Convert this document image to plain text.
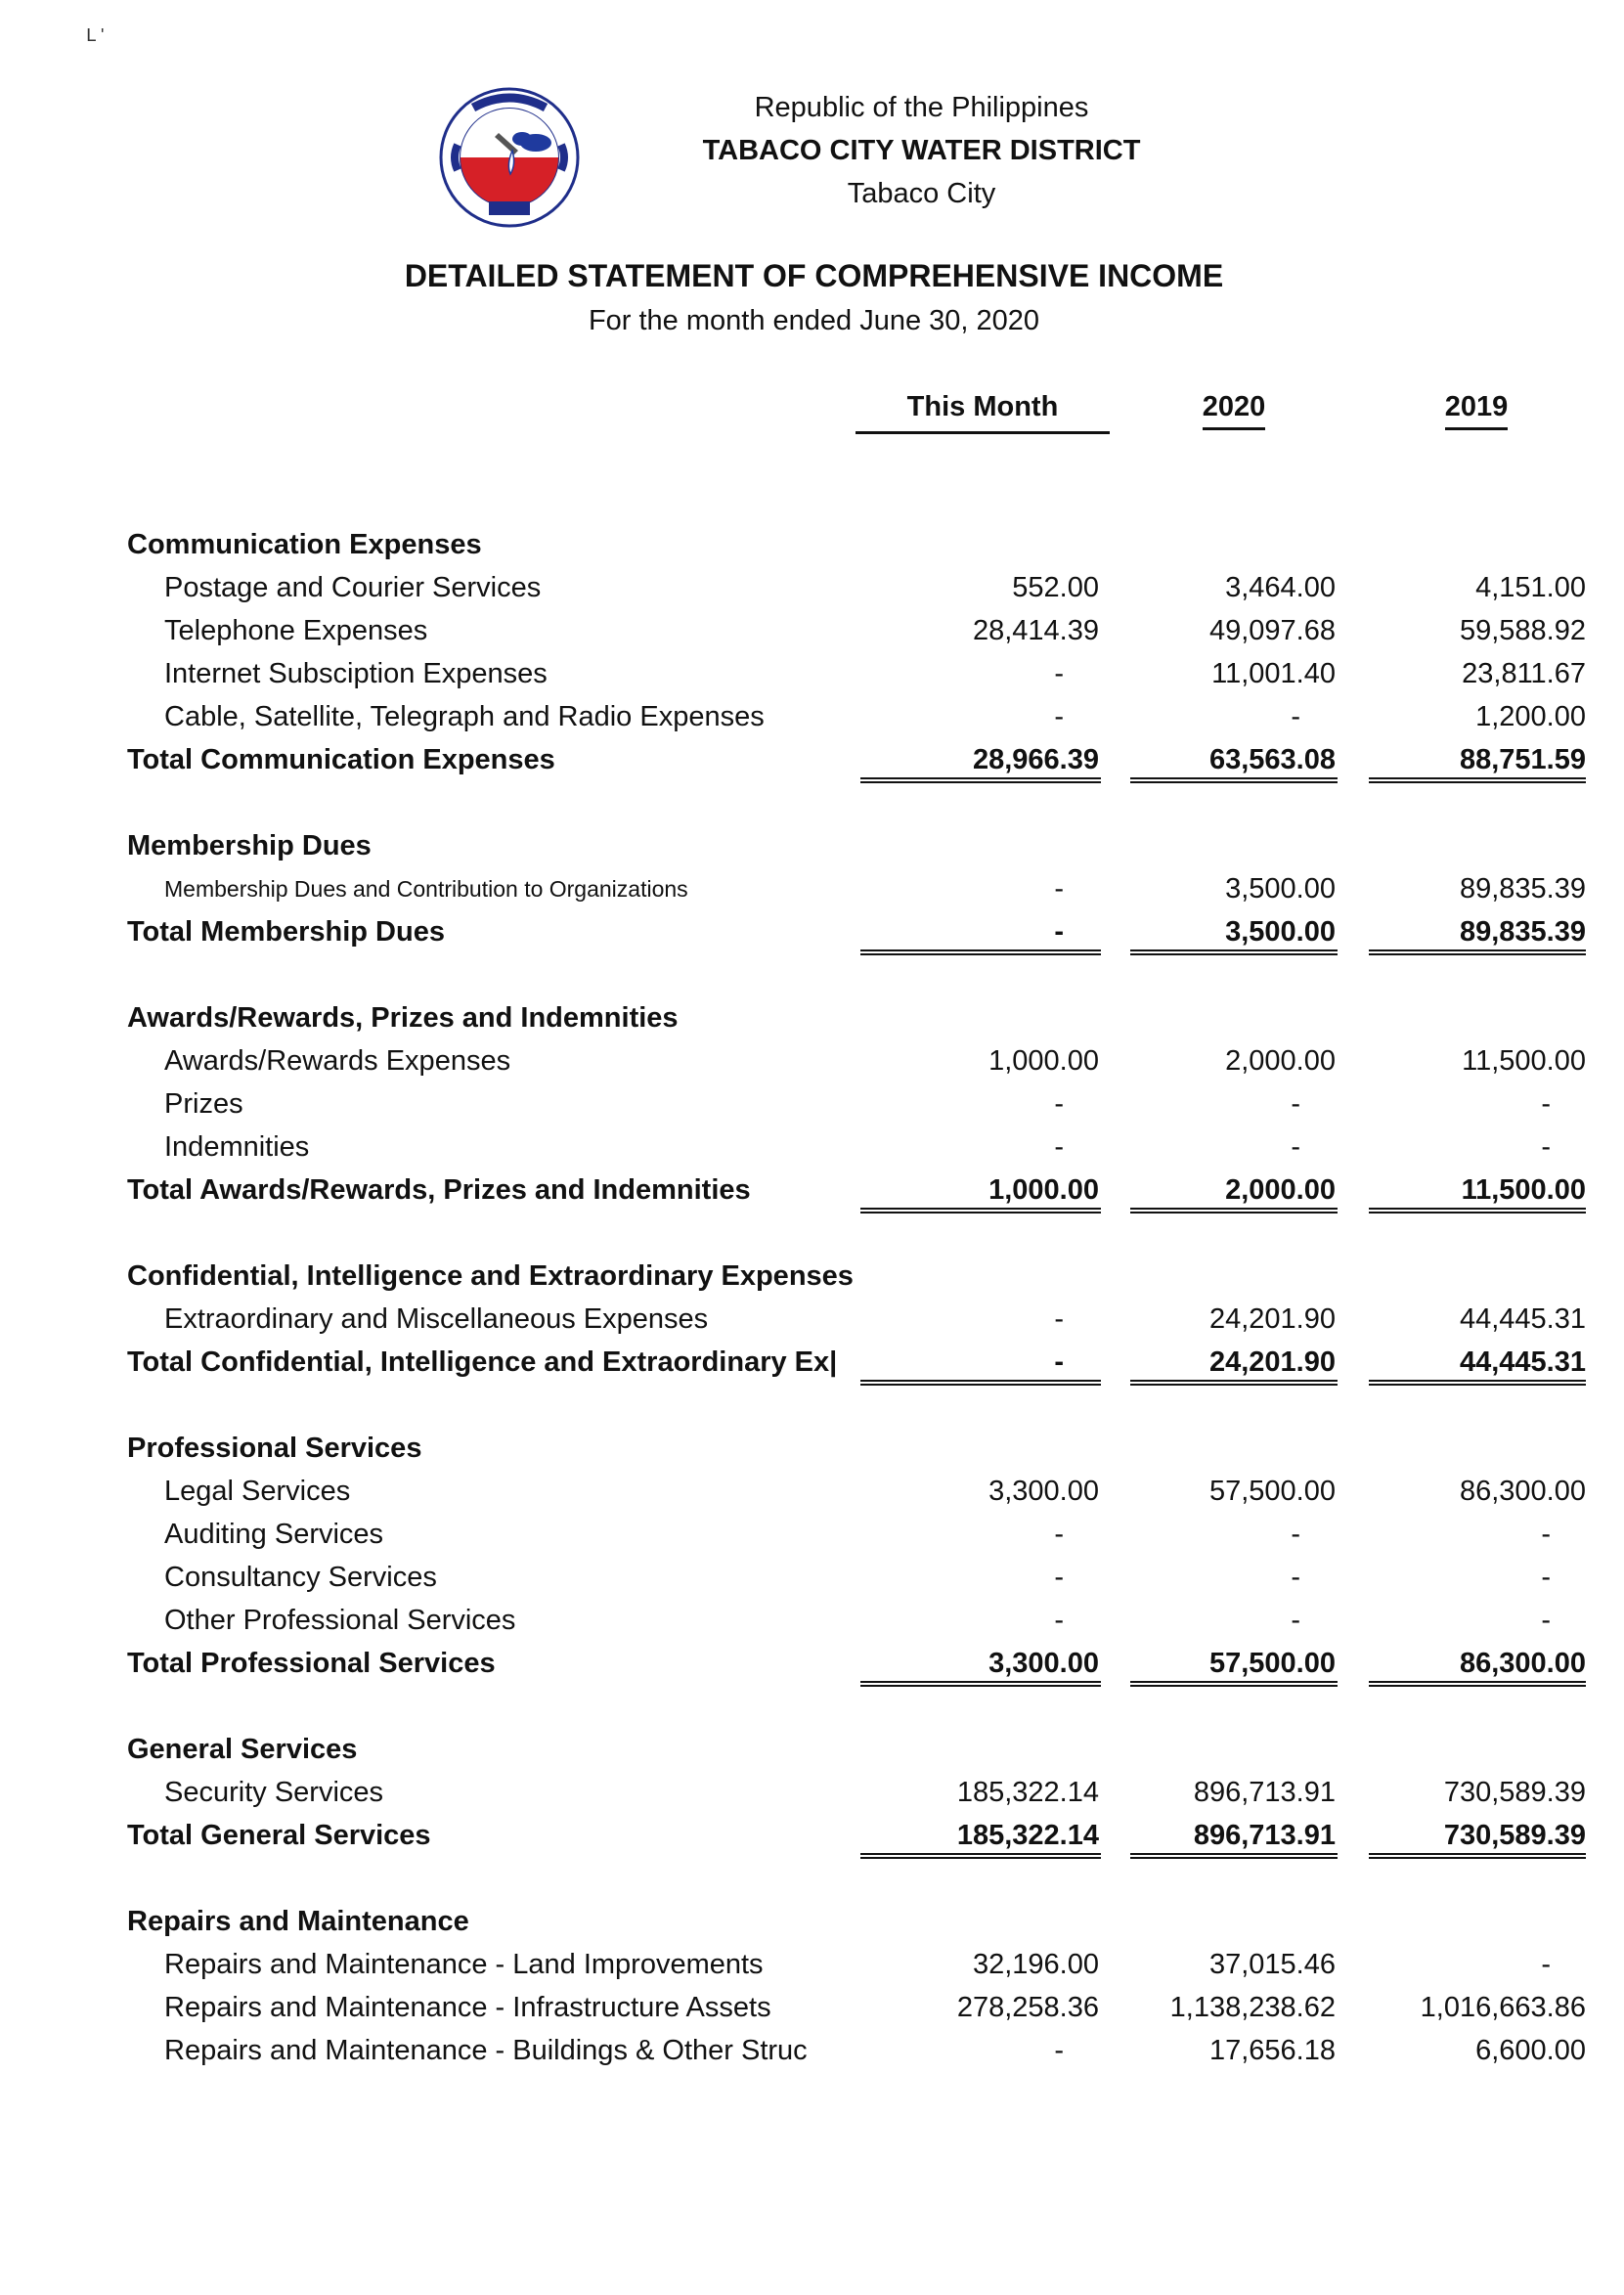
ᒪ '
Republic of the Philippines
TABACO CITY WATER DISTRICT
Tabaco City
DETAILED STATEMENT OF COMPREHENSIVE INCOME
For the month ended June 30, 2020
This Month	2020	2019
Communication Expenses
Postage and Courier Services	552.00	3,464.00	4,151.00
Telephone Expenses	28,414.39	49,097.68	59,588.92
Internet Subsciption Expenses	-	11,001.40	23,811.67
Cable, Satellite, Telegraph and Radio Expenses	-	-	1,200.00
Total Communication Expenses	28,966.39	63,563.08	88,751.59
Membership Dues
Membership Dues and Contribution to Organizations	-	3,500.00	89,835.39
Total Membership Dues	-	3,500.00	89,835.39
Awards/Rewards, Prizes and Indemnities
Awards/Rewards Expenses	1,000.00	2,000.00	11,500.00
Prizes	-	-	-
Indemnities	-	-	-
Total Awards/Rewards, Prizes and Indemnities	1,000.00	2,000.00	11,500.00
Confidential, Intelligence and Extraordinary Expenses
Extraordinary and Miscellaneous Expenses	-	24,201.90	44,445.31
Total Confidential, Intelligence and Extraordinary Ex|	-	24,201.90	44,445.31
Professional Services
Legal Services	3,300.00	57,500.00	86,300.00
Auditing Services	-	-	-
Consultancy Services	-	-	-
Other Professional Services	-	-	-
Total Professional Services	3,300.00	57,500.00	86,300.00
General Services
Security Services	185,322.14	896,713.91	730,589.39
Total General Services	185,322.14	896,713.91	730,589.39
Repairs and Maintenance
Repairs and Maintenance - Land Improvements	32,196.00	37,015.46	-
Repairs and Maintenance - Infrastructure Assets	278,258.36	1,138,238.62	1,016,663.86
Repairs and Maintenance - Buildings & Other Struc	-	17,656.18	6,600.00
